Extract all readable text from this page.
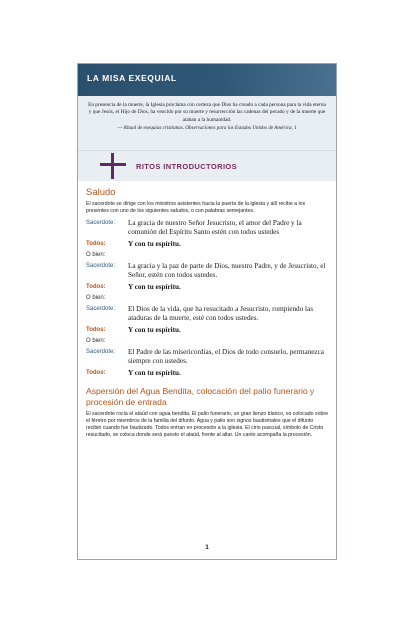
LA MISA EXEQUIAL

En presencia de la muerte, la Iglesia proclama con certeza que Dios ha creado a cada persona para la vida eterna y que Jesús, el Hijo de Dios, ha vencido por su muerte y resurrección las cadenas del pecado y de la muerte que ataban a la humanidad.

— Ritual de exequias cristianas. Observaciones para los Estados Unidos de América, 1

RITOS INTRODUCTORIOS
Saludo

El sacerdote se dirige con los ministros asistentes hacia la puerta de la iglesia y allí recibe a los presentes con uno de los siguientes saludos, o con palabras semejantes.

Sacerdote:	La gracia de nuestro Señor Jesucristo, el amor del Padre y la comunión del Espíritu Santo estén con todos ustedes
Todos:	Y con tu espíritu.
O bien:
Sacerdote:	La gracia y la paz de parte de Dios, nuestro Padre, y de Jesucristo, el Señor, estén con todos ustedes.
Todos:	Y con tu espíritu.
O bien:
Sacerdote:	El Dios de la vida, que ha resucitado a Jesucristo, rompiendo las ataduras de la muerte, esté con todos ustedes.
Todos:	Y con tu espíritu.
O bien:
Sacerdote:	El Padre de las misericordias, el Dios de todo consuelo, permanezca siempre con ustedes.
Todos:	Y con tu espíritu.
Aspersión del Agua Bendita, colocación del palio funerario y procesión de entrada

El sacerdote rocía el ataúd con agua bendita. El palio funerario, un gran lienzo blanco, es colocado sobre el féretro por miembros de la familia del difunto. Agua y palio son signos bautismales que el difunto recibió cuando fue bautizado. Todos entran en procesión a la iglesia. El cirio pascual, símbolo de Cristo resucitado, se coloca donde será puesto el ataúd, frente al altar. Un canto acompaña la procesión.

1
